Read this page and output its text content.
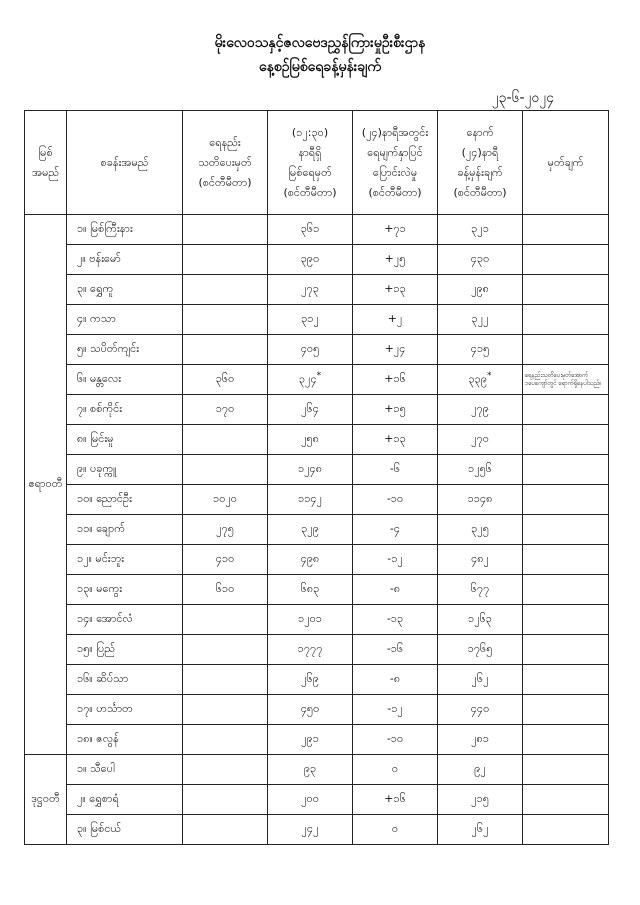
မိုးလေဝသနှင့်ဇလဗေဒညွှန်ကြားမှုဦးစီးဌာန
နေ့စဉ်မြစ်ရေခန့်မှန်းချက်
၂၃-၆-၂၀၂၄
မြစ်
အမည်	စခန်းအမည်	ရေနည်း
သတိပေးမှတ်
(စင်တီမီတာ)	(၁၂:၃၀)
နာရီရှိ
မြစ်ရေမှတ်
(စင်တီမီတာ)	(၂၄)နာရီအတွင်း
ရေမျက်နှာပြင်
ပြောင်းလဲမှု
(စင်တီမီတာ)	နောက်
(၂၄)နာရီ
ခန့်မှန်းချက်
(စင်တီမီတာ)	မှတ်ချက်
ဧရာဝတီ	၁။ မြစ်ကြီးနား		၃၆၁	+၇၁	၃၂၁	
	၂။ ဗန်းမော်		၃၉၀	+၂၅	၄၃၀	
	၃။ ရွှေကူ		၂၇၃	+၁၃	၂၉၈	
	၄။ ကသာ		၃၁၂	+၂	၃၂၂	
	၅။ သပိတ်ကျင်း		၄၀၅	+၂၄	၄၁၅	
	၆။ မန္တလေး	၃၆၀	၃၂၄*	+၁၆	၃၃၉*	ရေနည်းသတိပေးမှတ်အောက်
၁ပေကျော်တွင် ရောက်ရှိနေပါသည်။
	၇။ စစ်ကိုင်း	၁၇၀	၂၆၄	+၁၅	၂၇၉	
	၈။ မြင်းမူ		၂၅၈	+၁၃	၂၇၀	
	၉။ ပခုက္ကူ		၁၂၄၈	-၆	၁၂၅၆	
	၁၀။ ညောင်ဦး	၁၀၂၀	၁၁၄၂	-၁၀	၁၁၄၈	
	၁၁။ ချောက်	၂၇၅	၃၂၉	-၄	၃၂၅	
	၁၂။ မင်းဘူး	၄၁၀	၄၉၈	-၁၂	၄၈၂	
	၁၃။ မကွေး	၆၁၀	၆၈၃	-၈	၆၇၇	
	၁၄။ အောင်လံ		၁၂၀၁	-၁၃	၁၂၆၃	
	၁၅။ ပြည်		၁၇၇၇	-၁၆	၁၇၆၅	
	၁၆။ ဆိပ်သာ		၂၆၉	-၈	၂၆၂	
	၁၇။ ဟင်္သာတ		၄၅၀	-၁၂	၄၄၀	
	၁၈။ ဇလွန်		၂၉၁	-၁၀	၂၈၁	
ဒုဋ္ဌဝတီ	၁။ သီပေါ		၉၃	၀	၉၂	
	၂။ ရွှေစာရံ		၂၀၀	+၁၆	၂၁၅	
	၃။ မြစ်ငယ်		၂၄၂	၀	၂၆၂	
